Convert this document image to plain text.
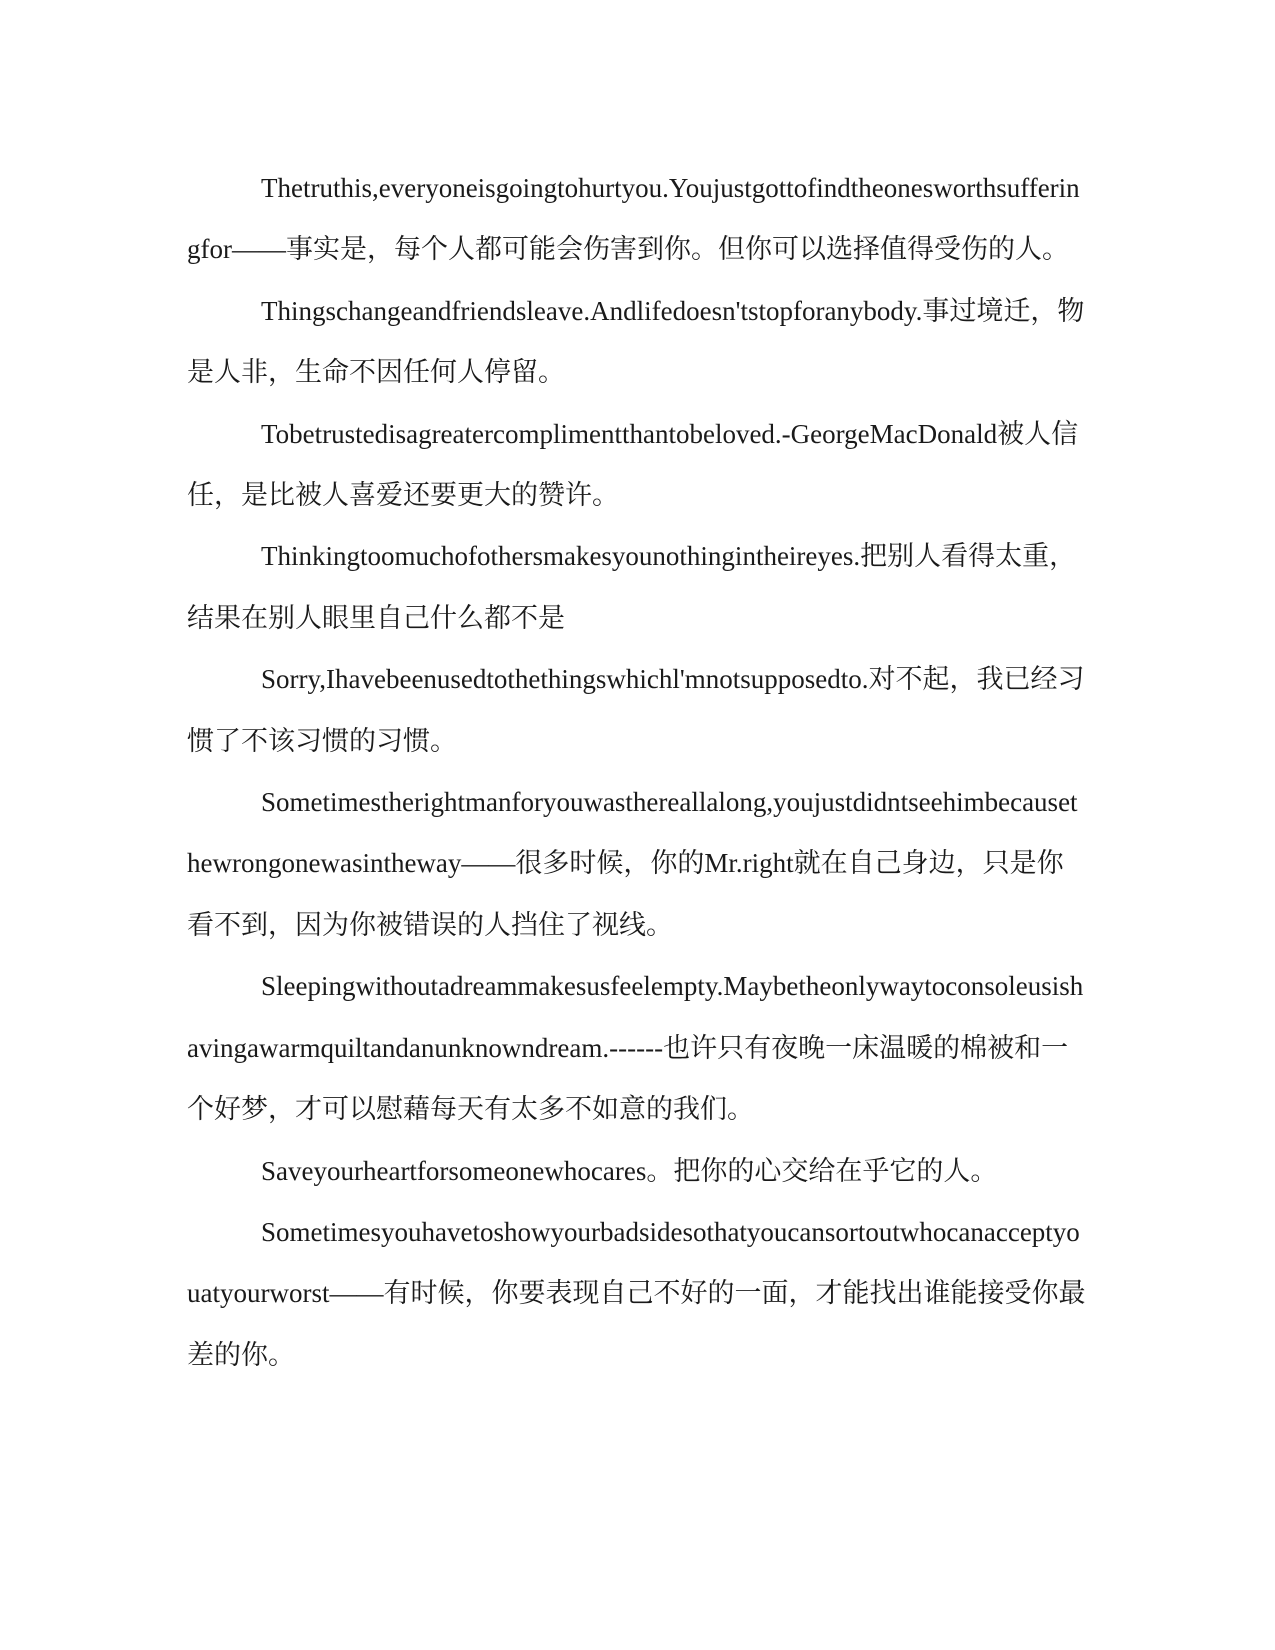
Thetruthis,everyoneisgoingtohurtyou.Youjustgottofindtheonesworthsufferingfor——事实是，每个人都可能会伤害到你。但你可以选择值得受伤的人。

Thingschangeandfriendsleave.Andlifedoesn'tstopforanybody.事过境迁，物是人非，生命不因任何人停留。

Tobetrustedisagreatercomplimentthantobeloved.-GeorgeMacDonald被人信任，是比被人喜爱还要更大的赞许。

Thinkingtoomuchofothersmakesyounothingintheireyes.把别人看得太重，结果在别人眼里自己什么都不是

Sorry,Ihavebeenusedtothethingswhichl'mnotsupposedto.对不起，我已经习惯了不该习惯的习惯。

Sometimestherightmanforyouwasthereallalong,youjustdidntseehimbecausethewrongonewasintheway——很多时候，你的Mr.right就在自己身边，只是你看不到，因为你被错误的人挡住了视线。

Sleepingwithoutadreammakesusfeelempty.Maybetheonlywaytoconsoleusishavingawarmquiltandanunknowndream.------也许只有夜晚一床温暖的棉被和一个好梦，才可以慰藉每天有太多不如意的我们。

Saveyourheartforsomeonewhocares。把你的心交给在乎它的人。

Sometimesyouhavetoshowyourbadsidesothatyoucansortoutwhocanacceptyouatyourworst——有时候，你要表现自己不好的一面，才能找出谁能接受你最差的你。
